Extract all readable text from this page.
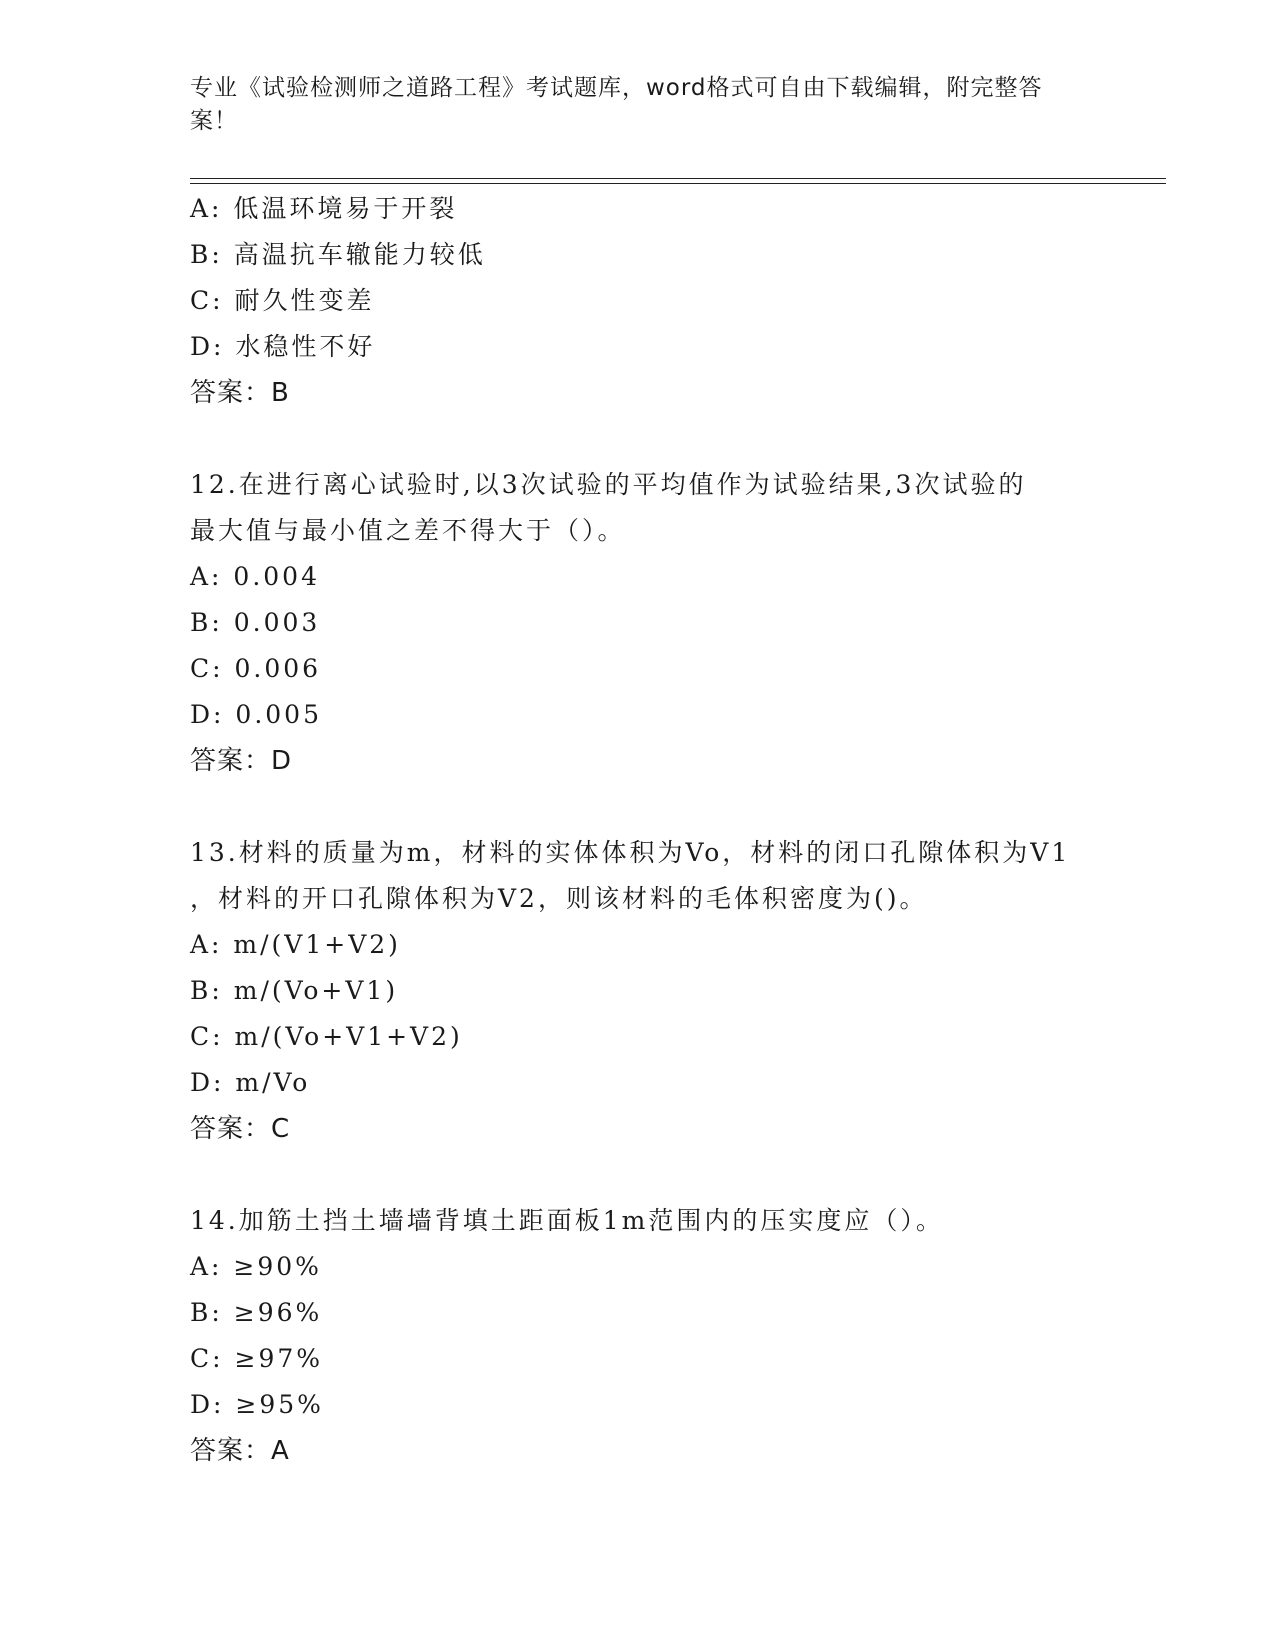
专业《试验检测师之道路工程》考试题库，word格式可自由下载编辑，附完整答
案！
A: 低温环境易于开裂
B: 高温抗车辙能力较低
C: 耐久性变差
D: 水稳性不好
答案：B
12.在进行离心试验时,以3次试验的平均值作为试验结果,3次试验的
最大值与最小值之差不得大于（）。
A: 0.004
B: 0.003
C: 0.006
D: 0.005
答案：D
13.材料的质量为m，材料的实体体积为Vo，材料的闭口孔隙体积为V1
，材料的开口孔隙体积为V2，则该材料的毛体积密度为()。
A: m/(V1+V2)
B: m/(Vo+V1)
C: m/(Vo+V1+V2)
D: m/Vo
答案：C
14.加筋土挡土墙墙背填土距面板1m范围内的压实度应（）。
A: ≥90%
B: ≥96%
C: ≥97%
D: ≥95%
答案：A
